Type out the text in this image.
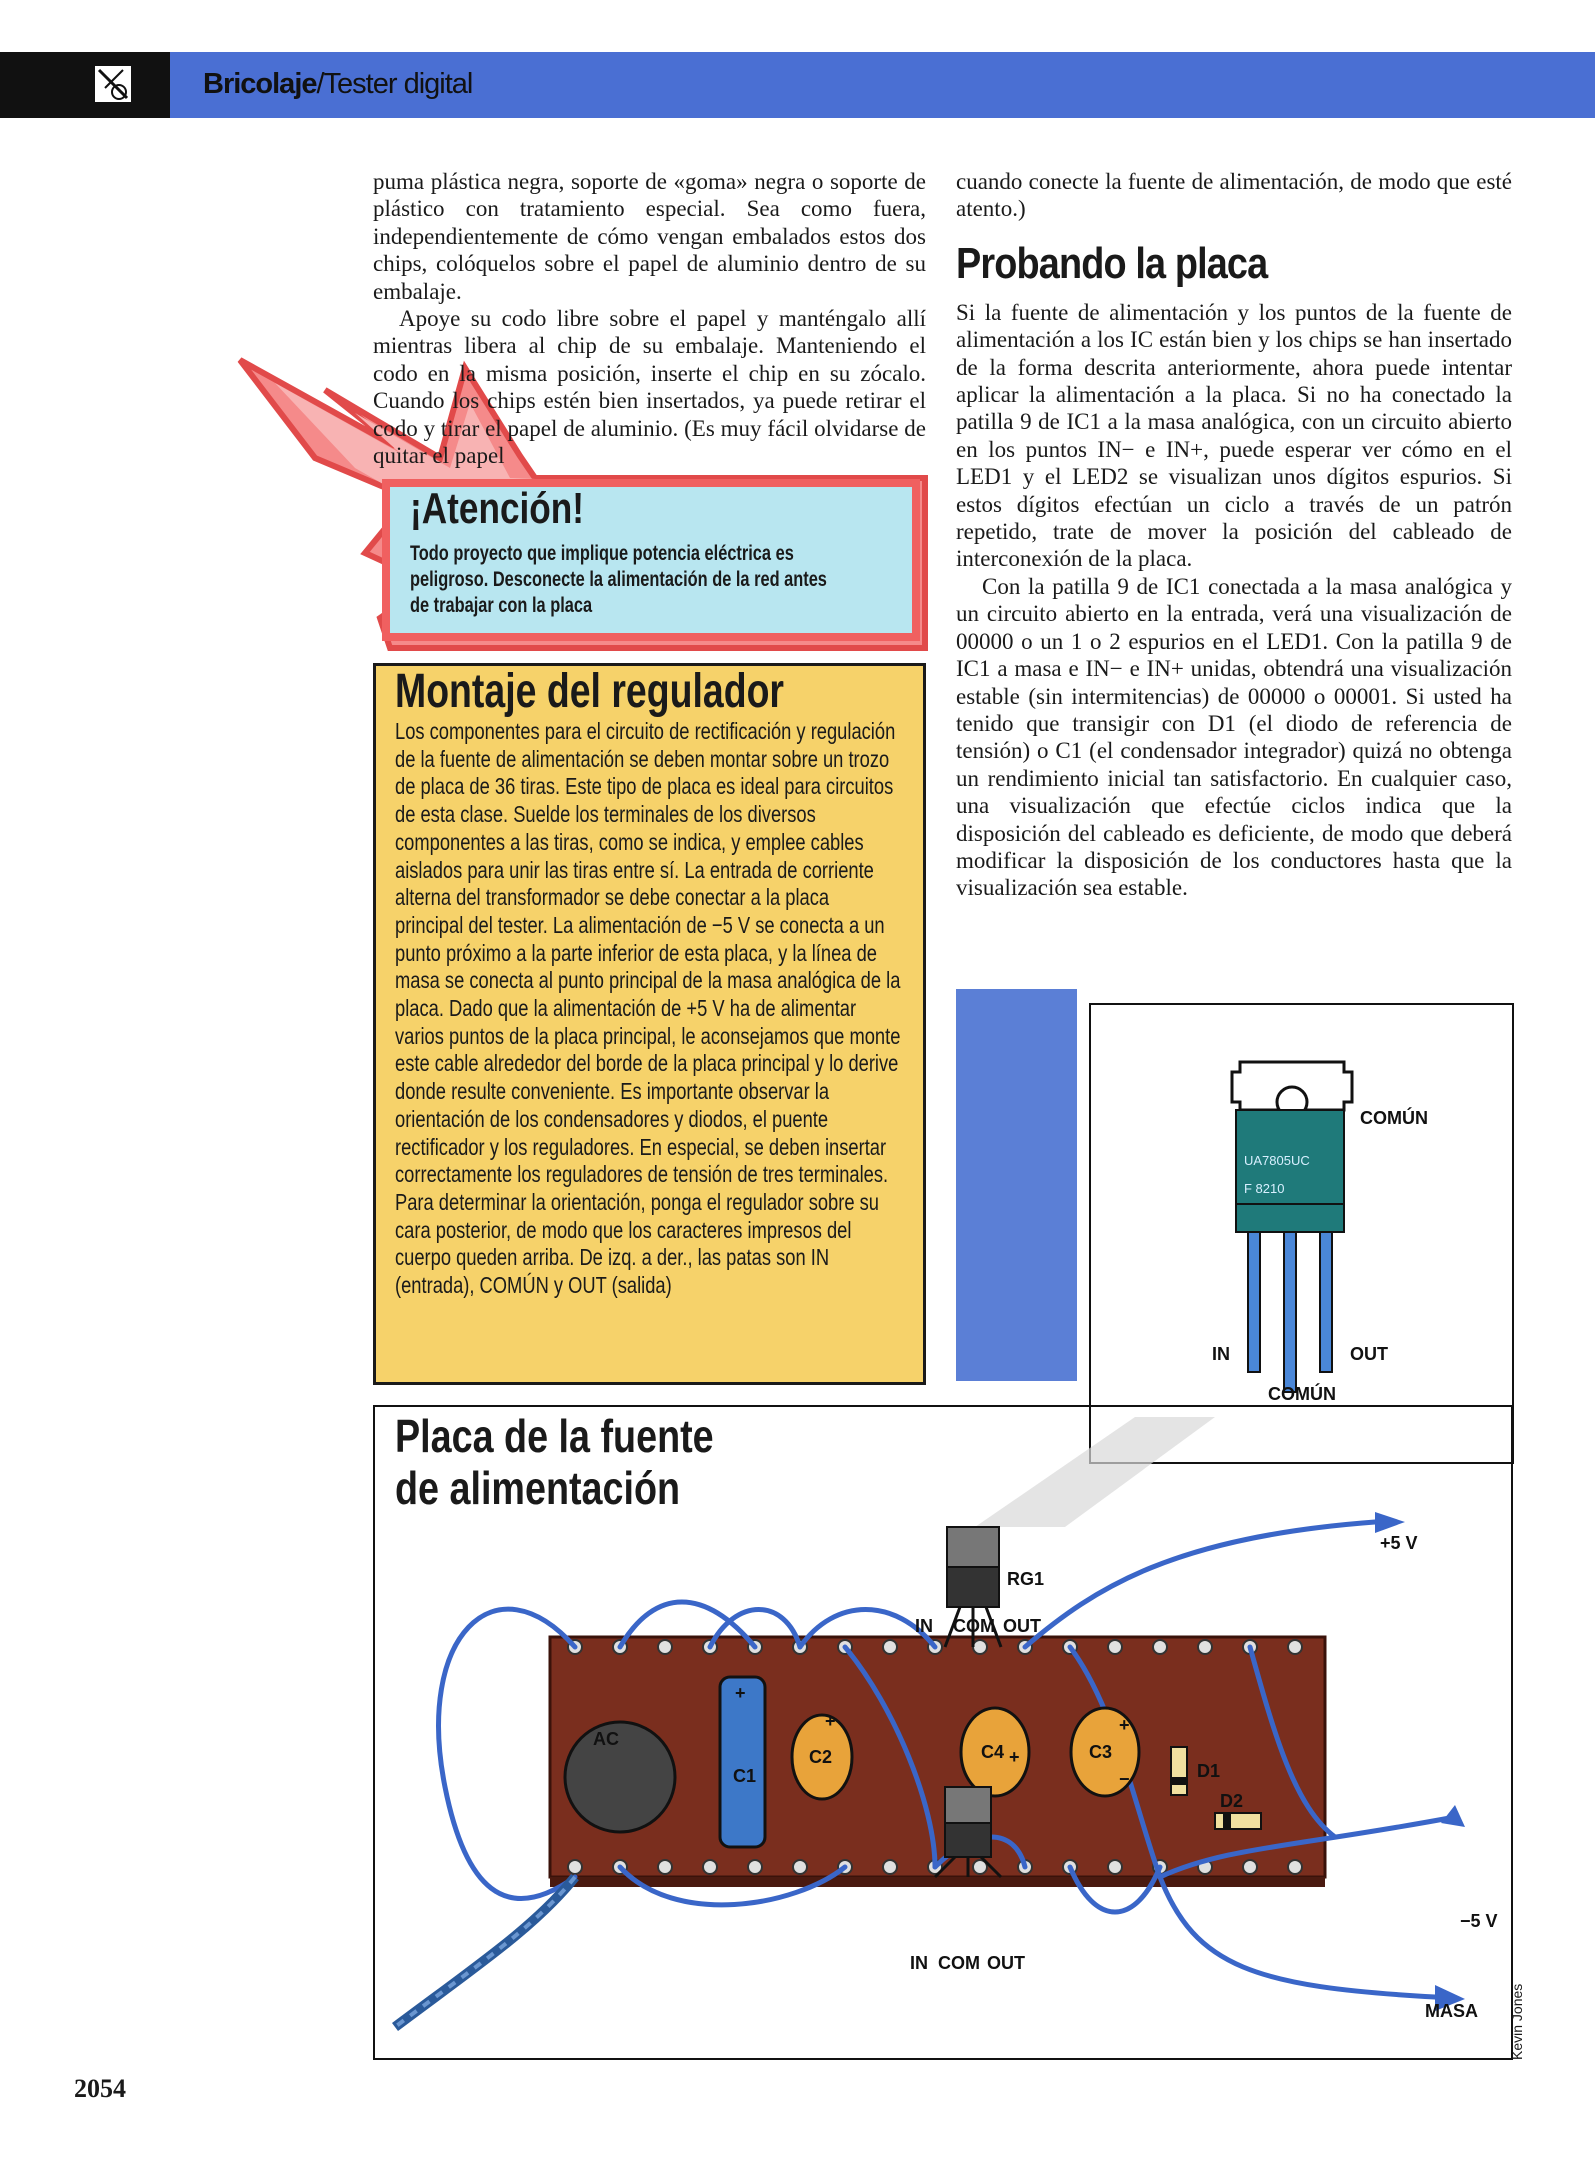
Bricolaje/Tester digital
¡Atención!
Todo proyecto que implique potencia eléctrica es peligroso. Desconecte la alimentación de la red antes de trabajar con la placa

puma plástica negra, soporte de «goma» negra o soporte de plástico con tratamiento especial. Sea como fuera, independientemente de cómo vengan embalados estos dos chips, colóquelos sobre el papel de aluminio dentro de su embalaje.

Apoye su codo libre sobre el papel y manténgalo allí mientras libera al chip de su embalaje. Manteniendo el codo en la misma posición, inserte el chip en su zócalo. Cuando los chips estén bien insertados, ya puede retirar el codo y tirar el papel de aluminio. (Es muy fácil olvidarse de quitar el papel

cuando conecte la fuente de alimentación, de modo que esté atento.)

Probando la placa

Si la fuente de alimentación y los puntos de la fuente de alimentación a los IC están bien y los chips se han insertado de la forma descrita anteriormente, ahora puede intentar aplicar la alimentación a la placa. Si no ha conectado la patilla 9 de IC1 a la masa analógica, con un circuito abierto en los puntos IN− e IN+, puede esperar ver cómo en el LED1 y el LED2 se visualizan unos dígitos espurios. Si estos dígitos efectúan un ciclo a través de un patrón repetido, trate de mover la posición del cableado de interconexión de la placa.

Con la patilla 9 de IC1 conectada a la masa analógica y un circuito abierto en la entrada, verá una visualización de 00000 o un 1 o 2 espurios en el LED1. Con la patilla 9 de IC1 a masa e IN− e IN+ unidas, obtendrá una visualización estable (sin intermitencias) de 00000 o 00001. Si usted ha tenido que transigir con D1 (el diodo de referencia de tensión) o C1 (el condensador integrador) quizá no obtenga un rendimiento inicial tan satisfactorio. En cualquier caso, una visualización que efectúe ciclos indica que la disposición del cableado es deficiente, de modo que deberá modificar la disposición de los conductores hasta que la visualización sea estable.

Montaje del regulador
Los componentes para el circuito de rectificación y regulación de la fuente de alimentación se deben montar sobre un trozo de placa de 36 tiras. Este tipo de placa es ideal para circuitos de esta clase. Suelde los terminales de los diversos componentes a las tiras, como se indica, y emplee cables aislados para unir las tiras entre sí. La entrada de corriente alterna del transformador se debe conectar a la placa principal del tester. La alimentación de −5 V se conecta a un punto próximo a la parte inferior de esta placa, y la línea de masa se conecta al punto principal de la masa analógica de la placa. Dado que la alimentación de +5 V ha de alimentar varios puntos de la placa principal, le aconsejamos que monte este cable alrededor del borde de la placa principal y lo derive donde resulte conveniente. Es importante observar la orientación de los condensadores y diodos, el puente rectificador y los reguladores. En especial, se deben insertar correctamente los reguladores de tensión de tres terminales. Para determinar la orientación, ponga el regulador sobre su cara posterior, de modo que los caracteres impresos del cuerpo queden arriba. De izq. a der., las patas son IN (entrada), COMÚN y OUT (salida)
UA7805UC
F 8210
COMÚN
IN	OUT
COMÚN
Placa de la fuente
de alimentación
AC
C1
+
C2
+
C4 +	C3
+
−	D1
D2
RG1
IN COM OUT
IN COM OUT
+5 V
−5 V
MASA
2054
Kevin Jones
